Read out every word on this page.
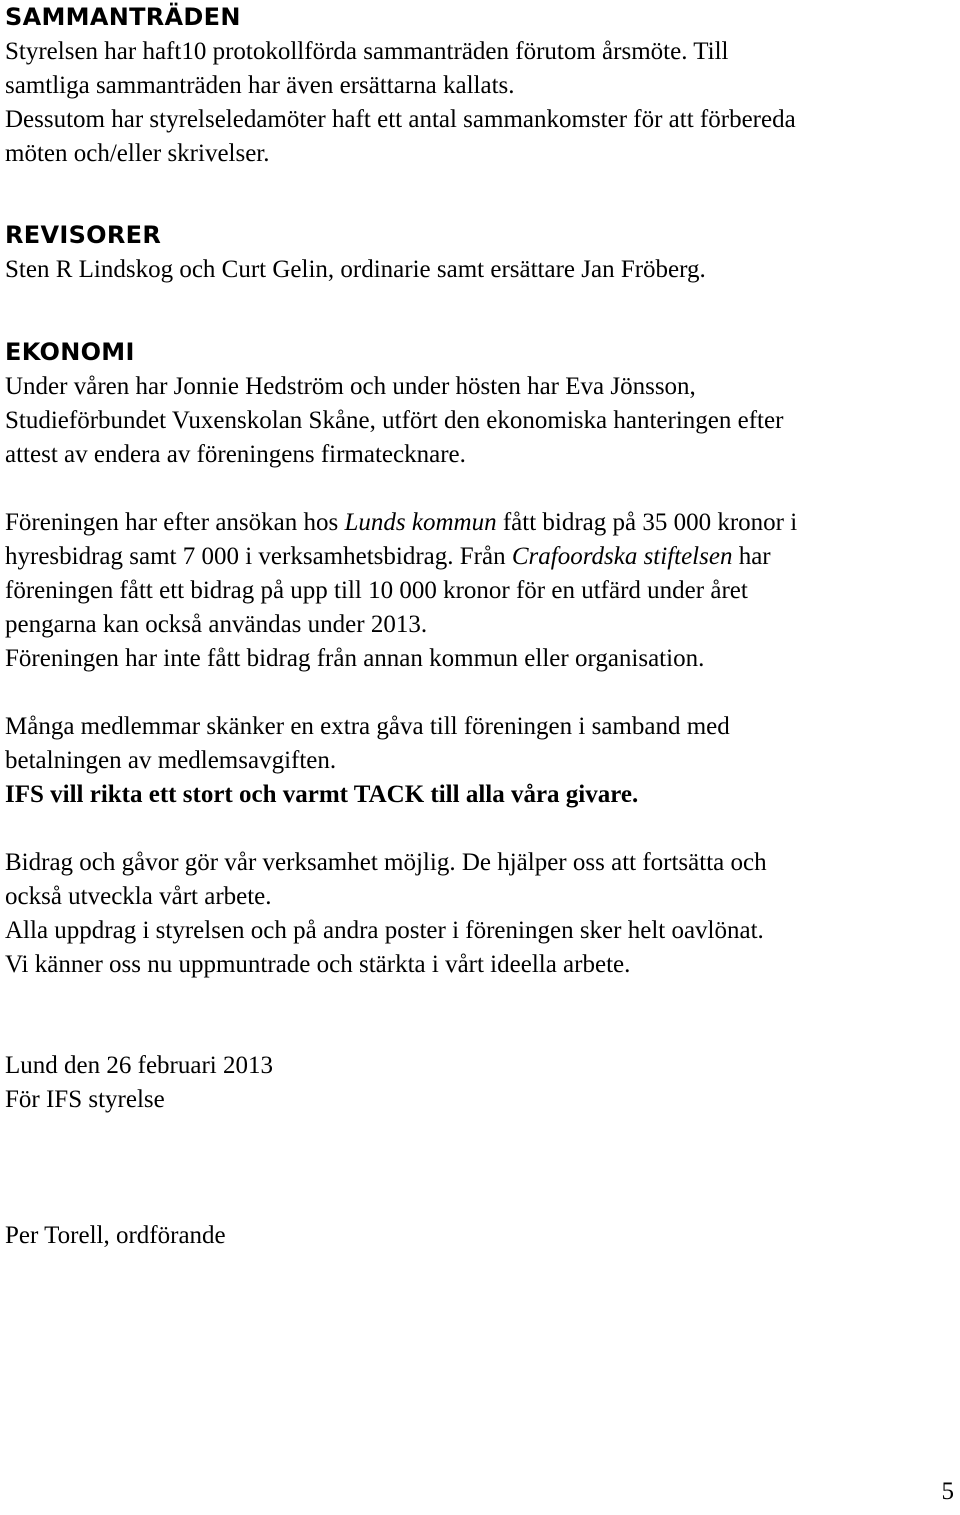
SAMMANTRÄDEN

Styrelsen har haft10 protokollförda sammanträden förutom årsmöte. Till

samtliga sammanträden har även ersättarna kallats.

Dessutom har styrelseledamöter haft ett antal sammankomster för att förbereda

möten och/eller skrivelser.

REVISORER

Sten R Lindskog och Curt Gelin, ordinarie samt ersättare Jan Fröberg.

EKONOMI

Under våren har Jonnie Hedström och under hösten har Eva Jönsson,

Studieförbundet Vuxenskolan Skåne, utfört den ekonomiska hanteringen efter

attest av endera av föreningens firmatecknare.

Föreningen har efter ansökan hos Lunds kommun fått bidrag på 35 000 kronor i

hyresbidrag samt 7 000 i verksamhetsbidrag. Från Crafoordska stiftelsen har

föreningen fått ett bidrag på upp till 10 000 kronor för en utfärd under året

pengarna kan också användas under 2013.

Föreningen har inte fått bidrag från annan kommun eller organisation.

Många medlemmar skänker en extra gåva till föreningen i samband med

betalningen av medlemsavgiften.

IFS vill rikta ett stort och varmt TACK till alla våra givare.

Bidrag och gåvor gör vår verksamhet möjlig. De hjälper oss att fortsätta och

också utveckla vårt arbete.

Alla uppdrag i styrelsen och på andra poster i föreningen sker helt oavlönat.

Vi känner oss nu uppmuntrade och stärkta i vårt ideella arbete.

Lund den 26 februari 2013

För IFS styrelse

Per Torell, ordförande

5
